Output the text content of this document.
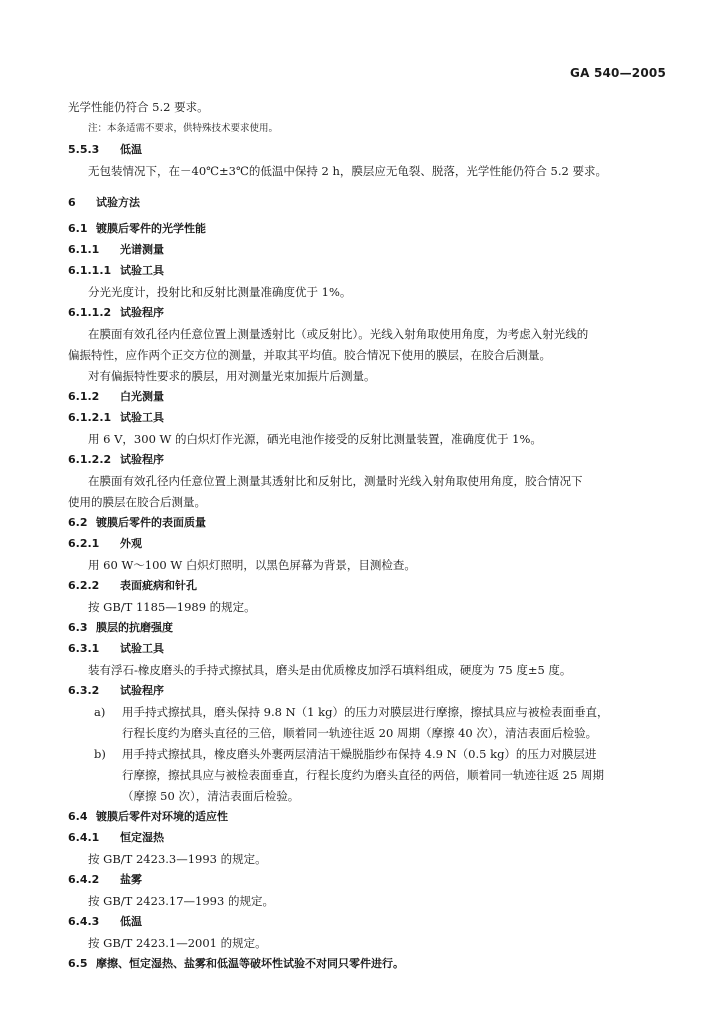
GA 540—2005
光学性能仍符合 5.2 要求。
注：本条适需不要求，供特殊技术要求使用。
5.5.3 低温
无包装情况下，在－40℃±3℃的低温中保持 2 h，膜层应无龟裂、脱落，光学性能仍符合 5.2 要求。
6 试验方法
6.1 镀膜后零件的光学性能
6.1.1 光谱测量
6.1.1.1 试验工具
分光光度计，投射比和反射比测量准确度优于 1%。
6.1.1.2 试验程序
在膜面有效孔径内任意位置上测量透射比（或反射比）。光线入射角取使用角度，为考虑入射光线的
偏振特性，应作两个正交方位的测量，并取其平均值。胶合情况下使用的膜层，在胶合后测量。
对有偏振特性要求的膜层，用对测量光束加振片后测量。
6.1.2 白光测量
6.1.2.1 试验工具
用 6 V，300 W 的白炽灯作光源，硒光电池作接受的反射比测量装置，准确度优于 1%。
6.1.2.2 试验程序
在膜面有效孔径内任意位置上测量其透射比和反射比，测量时光线入射角取使用角度，胶合情况下
使用的膜层在胶合后测量。
6.2 镀膜后零件的表面质量
6.2.1 外观
用 60 W～100 W 白炽灯照明，以黑色屏幕为背景，目测检查。
6.2.2 表面疵病和针孔
按 GB/T 1185—1989 的规定。
6.3 膜层的抗磨强度
6.3.1 试验工具
装有浮石-橡皮磨头的手持式擦拭具，磨头是由优质橡皮加浮石填料组成，硬度为 75 度±5 度。
6.3.2 试验程序
a) 用手持式擦拭具，磨头保持 9.8 N（1 kg）的压力对膜层进行摩擦，擦拭具应与被检表面垂直，
行程长度约为磨头直径的三倍，顺着同一轨迹往返 20 周期（摩擦 40 次），清洁表面后检验。
b) 用手持式擦拭具，橡皮磨头外裹两层清洁干燥脱脂纱布保持 4.9 N（0.5 kg）的压力对膜层进
行摩擦，擦拭具应与被检表面垂直，行程长度约为磨头直径的两倍，顺着同一轨迹往返 25 周期
（摩擦 50 次），清洁表面后检验。
6.4 镀膜后零件对环境的适应性
6.4.1 恒定湿热
按 GB/T 2423.3—1993 的规定。
6.4.2 盐雾
按 GB/T 2423.17—1993 的规定。
6.4.3 低温
按 GB/T 2423.1—2001 的规定。
6.5 摩擦、恒定湿热、盐雾和低温等破坏性试验不对同只零件进行。
